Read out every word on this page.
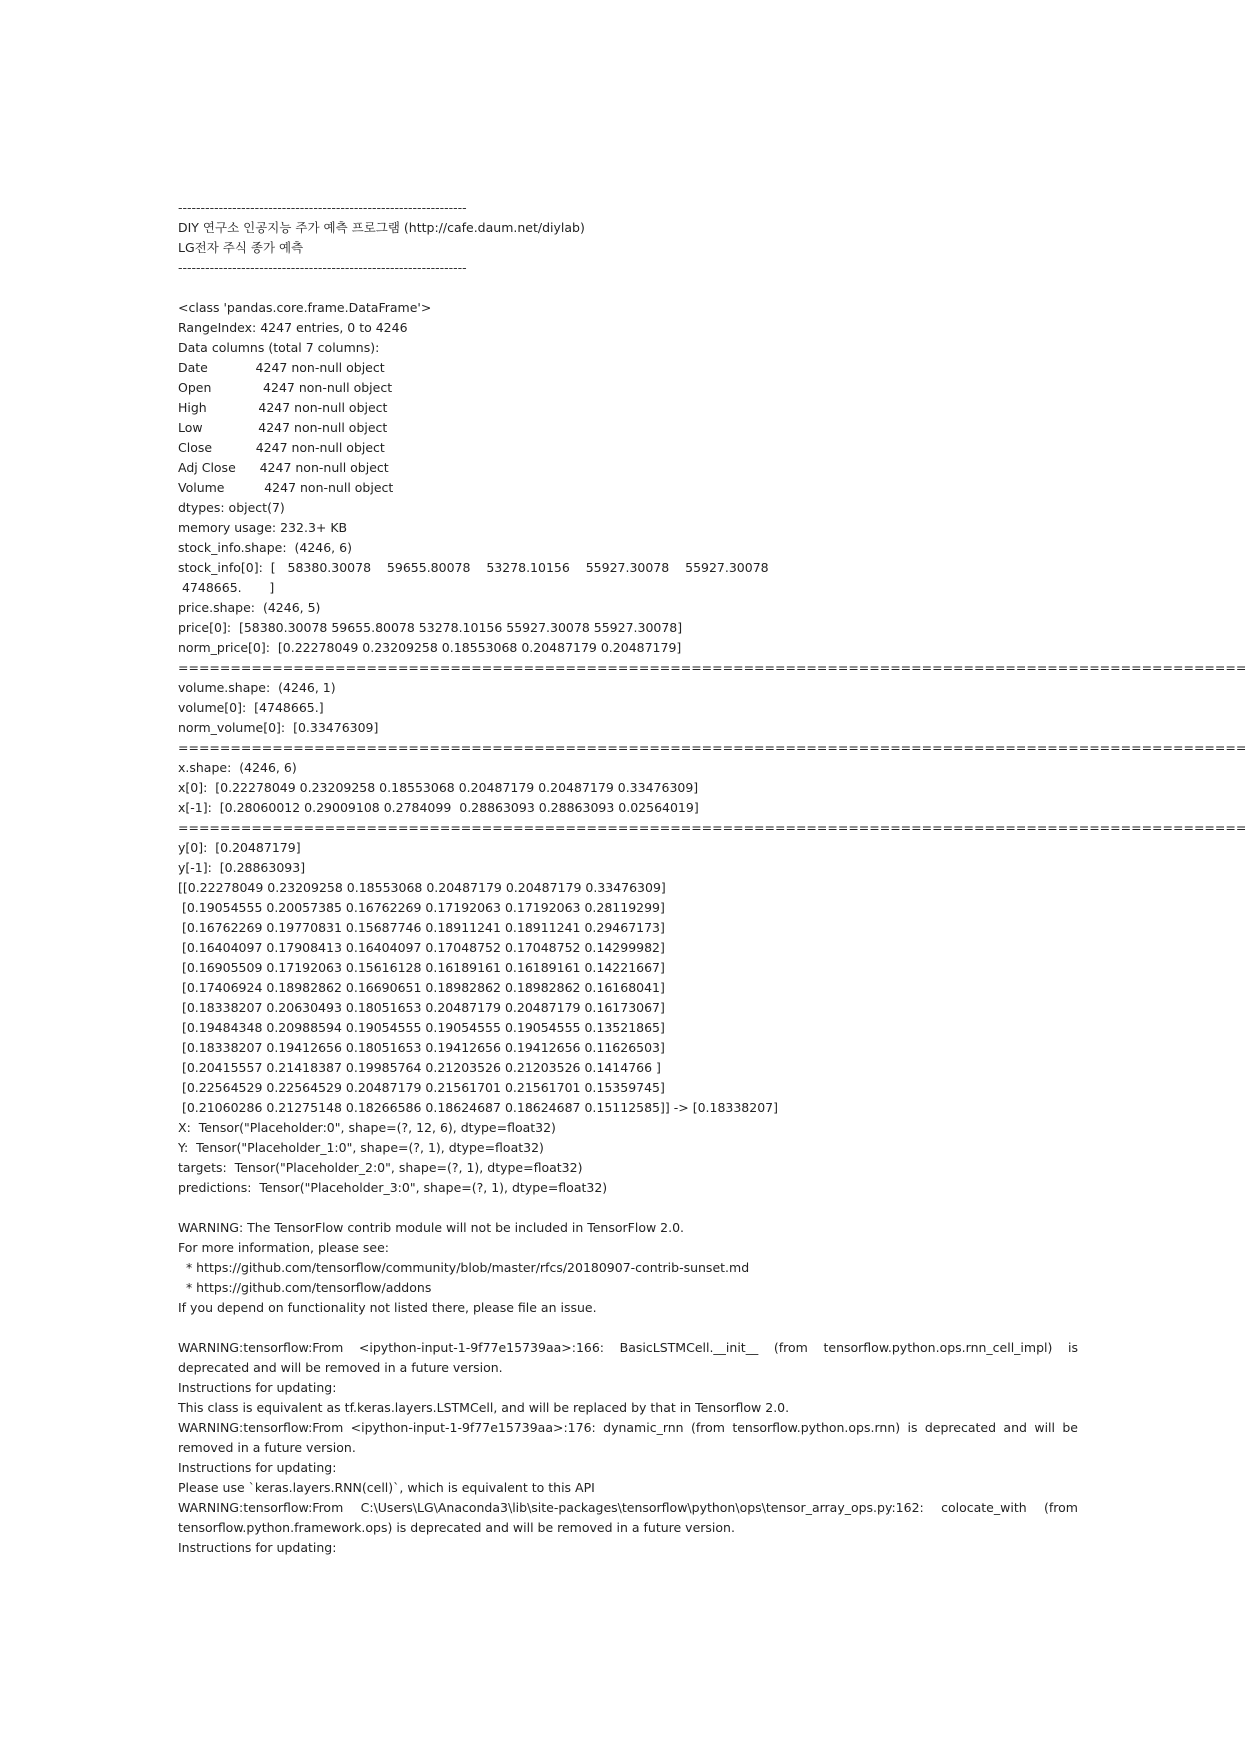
----------------------------------------------------------------
DIY 연구소 인공지능 주가 예측 프로그램 (http://cafe.daum.net/diylab)
LG전자 주식 종가 예측
----------------------------------------------------------------
<class 'pandas.core.frame.DataFrame'>
RangeIndex: 4247 entries, 0 to 4246
Data columns (total 7 columns):
Date            4247 non-null object
Open             4247 non-null object
High             4247 non-null object
Low              4247 non-null object
Close           4247 non-null object
Adj Close      4247 non-null object
Volume          4247 non-null object
dtypes: object(7)
memory usage: 232.3+ KB
stock_info.shape:  (4246, 6)
stock_info[0]:  [   58380.30078    59655.80078    53278.10156    55927.30078    55927.30078
4748665.       ]
price.shape:  (4246, 5)
price[0]:  [58380.30078 59655.80078 53278.10156 55927.30078 55927.30078]
norm_price[0]:  [0.22278049 0.23209258 0.18553068 0.20487179 0.20487179]
======================================================================================================
volume.shape:  (4246, 1)
volume[0]:  [4748665.]
norm_volume[0]:  [0.33476309]
======================================================================================================
x.shape:  (4246, 6)
x[0]:  [0.22278049 0.23209258 0.18553068 0.20487179 0.20487179 0.33476309]
x[-1]:  [0.28060012 0.29009108 0.2784099  0.28863093 0.28863093 0.02564019]
======================================================================================================
y[0]:  [0.20487179]
y[-1]:  [0.28863093]
[[0.22278049 0.23209258 0.18553068 0.20487179 0.20487179 0.33476309]
[0.19054555 0.20057385 0.16762269 0.17192063 0.17192063 0.28119299]
[0.16762269 0.19770831 0.15687746 0.18911241 0.18911241 0.29467173]
[0.16404097 0.17908413 0.16404097 0.17048752 0.17048752 0.14299982]
[0.16905509 0.17192063 0.15616128 0.16189161 0.16189161 0.14221667]
[0.17406924 0.18982862 0.16690651 0.18982862 0.18982862 0.16168041]
[0.18338207 0.20630493 0.18051653 0.20487179 0.20487179 0.16173067]
[0.19484348 0.20988594 0.19054555 0.19054555 0.19054555 0.13521865]
[0.18338207 0.19412656 0.18051653 0.19412656 0.19412656 0.11626503]
[0.20415557 0.21418387 0.19985764 0.21203526 0.21203526 0.1414766 ]
[0.22564529 0.22564529 0.20487179 0.21561701 0.21561701 0.15359745]
[0.21060286 0.21275148 0.18266586 0.18624687 0.18624687 0.15112585]] -> [0.18338207]
X:  Tensor("Placeholder:0", shape=(?, 12, 6), dtype=float32)
Y:  Tensor("Placeholder_1:0", shape=(?, 1), dtype=float32)
targets:  Tensor("Placeholder_2:0", shape=(?, 1), dtype=float32)
predictions:  Tensor("Placeholder_3:0", shape=(?, 1), dtype=float32)
WARNING: The TensorFlow contrib module will not be included in TensorFlow 2.0.
For more information, please see:
* https://github.com/tensorflow/community/blob/master/rfcs/20180907-contrib-sunset.md
* https://github.com/tensorflow/addons
If you depend on functionality not listed there, please file an issue.
WARNING:tensorflow:From <ipython-input-1-9f77e15739aa>:166: BasicLSTMCell.__init__ (from tensorflow.python.ops.rnn_cell_impl) is deprecated and will be removed in a future version.
Instructions for updating:
This class is equivalent as tf.keras.layers.LSTMCell, and will be replaced by that in Tensorflow 2.0.
WARNING:tensorflow:From <ipython-input-1-9f77e15739aa>:176: dynamic_rnn (from tensorflow.python.ops.rnn) is deprecated and will be removed in a future version.
Instructions for updating:
Please use `keras.layers.RNN(cell)`, which is equivalent to this API
WARNING:tensorflow:From C:\Users\LG\Anaconda3\lib\site-packages\tensorflow\python\ops\tensor_array_ops.py:162: colocate_with (from tensorflow.python.framework.ops) is deprecated and will be removed in a future version.
Instructions for updating:
